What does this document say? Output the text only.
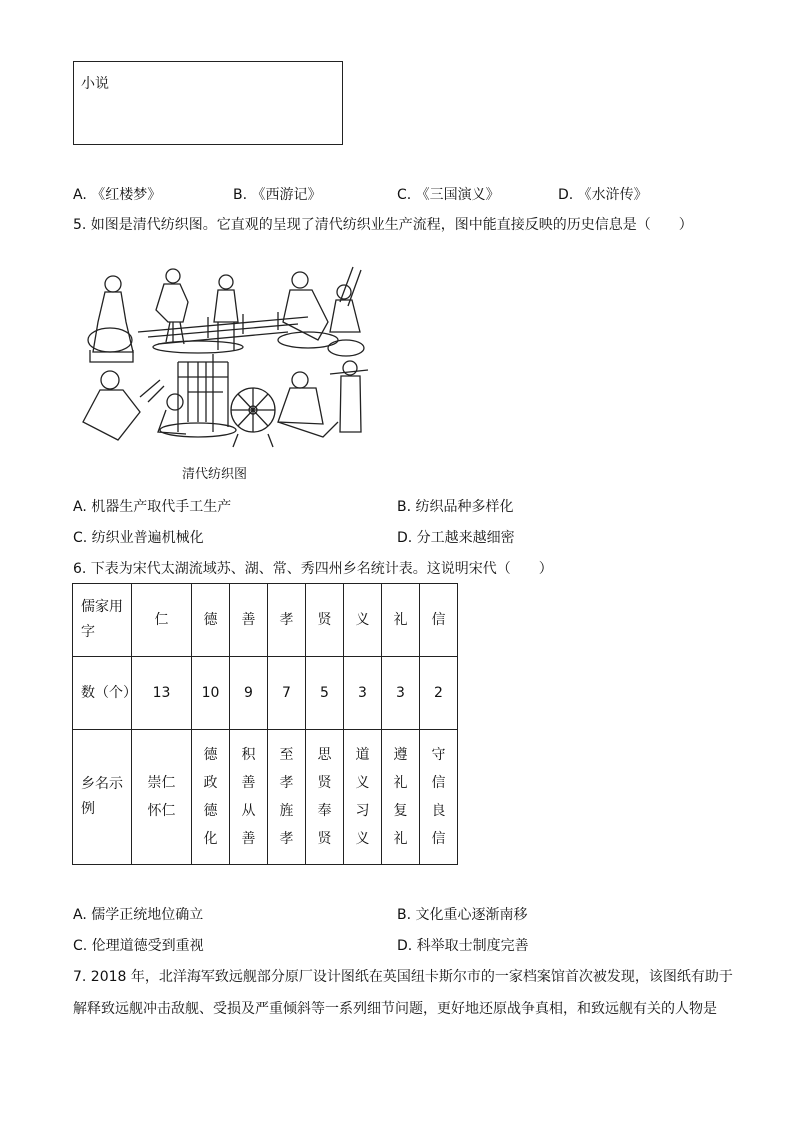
小说
A. 《红楼梦》	B. 《西游记》	C. 《三国演义》	D. 《水浒传》
5. 如图是清代纺织图。它直观的呈现了清代纺织业生产流程，图中能直接反映的历史信息是（　　）
清代纺织图
A. 机器生产取代手工生产	B. 纺织品种多样化
C. 纺织业普遍机械化	D. 分工越来越细密
6. 下表为宋代太湖流域苏、湖、常、秀四州乡名统计表。这说明宋代（　　）
儒家用字	仁	德	善	孝	贤	义	礼	信
数（个）	13	10	9	7	5	3	3	2
乡名示例	崇仁怀仁	德政德化	积善从善	至孝旌孝	思贤奉贤	道义习义	遵礼复礼	守信良信
A. 儒学正统地位确立	B. 文化重心逐渐南移
C. 伦理道德受到重视	D. 科举取士制度完善
7. 2018 年，北洋海军致远舰部分原厂设计图纸在英国纽卡斯尔市的一家档案馆首次被发现，该图纸有助于
解释致远舰冲击敌舰、受损及严重倾斜等一系列细节问题，更好地还原战争真相，和致远舰有关的人物是
